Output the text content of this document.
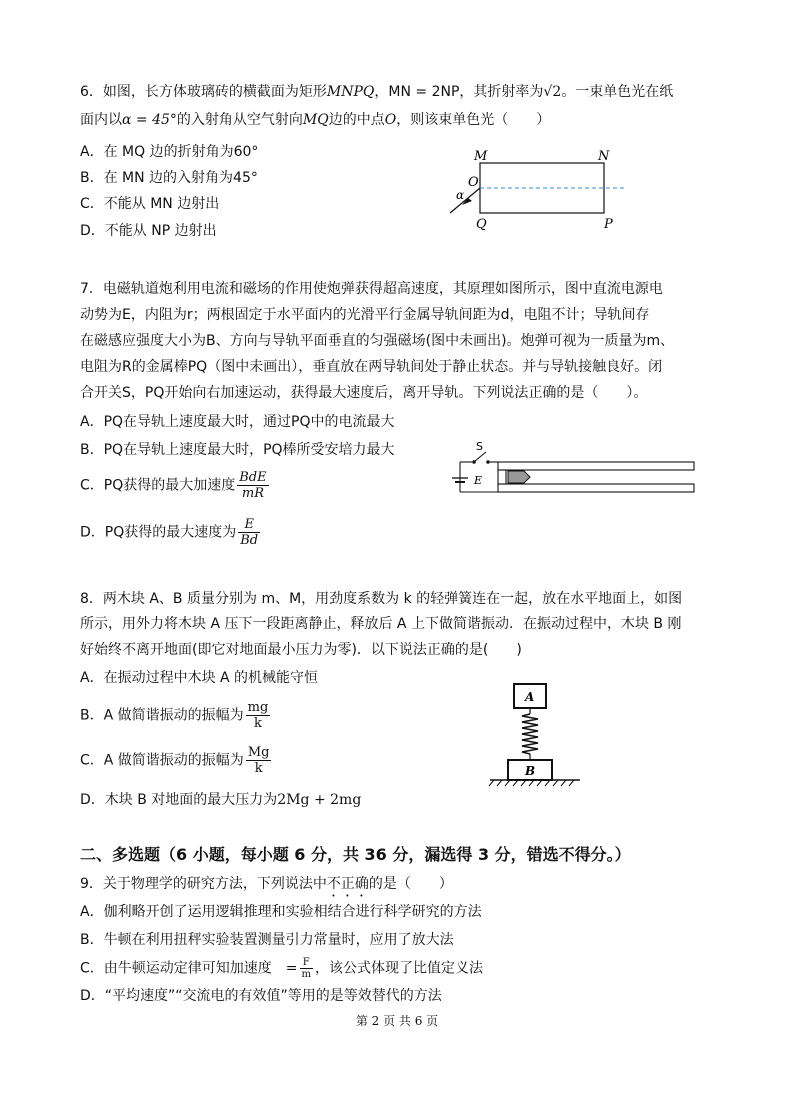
6．如图，长方体玻璃砖的横截面为矩形MNPQ，MN = 2NP，其折射率为√2。一束单色光在纸
面内以α = 45°的入射角从空气射向MQ边的中点O，则该束单色光（　　）
A．在 MQ 边的折射角为60°
B．在 MN 边的入射角为45°
C．不能从 MN 边射出
D．不能从 NP 边射出
M	N
O
α
Q	P
7．电磁轨道炮利用电流和磁场的作用使炮弹获得超高速度，其原理如图所示，图中直流电源电
动势为E，内阻为r；两根固定于水平面内的光滑平行金属导轨间距为d，电阻不计；导轨间存
在磁感应强度大小为B、方向与导轨平面垂直的匀强磁场(图中未画出)。炮弹可视为一质量为m、
电阻为R的金属棒PQ（图中未画出），垂直放在两导轨间处于静止状态。并与导轨接触良好。闭
合开关S，PQ开始向右加速运动，获得最大速度后，离开导轨。下列说法正确的是（　　）。
A．PQ在导轨上速度最大时，通过PQ中的电流最大
B．PQ在导轨上速度最大时，PQ棒所受安培力最大
C．PQ获得的最大加速度 $\frac{\text{BdE}}{mR}$
D．PQ获得的最大速度为 $\frac{E}{Bd}$
S
E
8．两木块 A、B 质量分别为 m、M，用劲度系数为 k 的轻弹簧连在一起，放在水平地面上，如图
所示，用外力将木块 A 压下一段距离静止，释放后 A 上下做简谐振动．在振动过程中，木块 B 刚
好始终不离开地面(即它对地面最小压力为零)．以下说法正确的是(　　)
A．在振动过程中木块 A 的机械能守恒
B．A 做简谐振动的振幅为 $\frac{mg}{k}$
C．A 做简谐振动的振幅为 $\frac{Mg}{k}$
D．木块 B 对地面的最大压力为2Mg + 2mg
A
B
二、多选题（6 小题，每小题 6 分，共 36 分，漏选得 3 分，错选不得分。）
9．关于物理学的研究方法，下列说法中不正确的是（　　）
A．伽利略开创了运用逻辑推理和实验相结合进行科学研究的方法
B．牛顿在利用扭秤实验装置测量引力常量时，应用了放大法
C．由牛顿运动定律可知加速度　= $\frac{F}{m}$ ，该公式体现了比值定义法
D．“平均速度”“交流电的有效值”等用的是等效替代的方法
第 2 页 共 6 页
